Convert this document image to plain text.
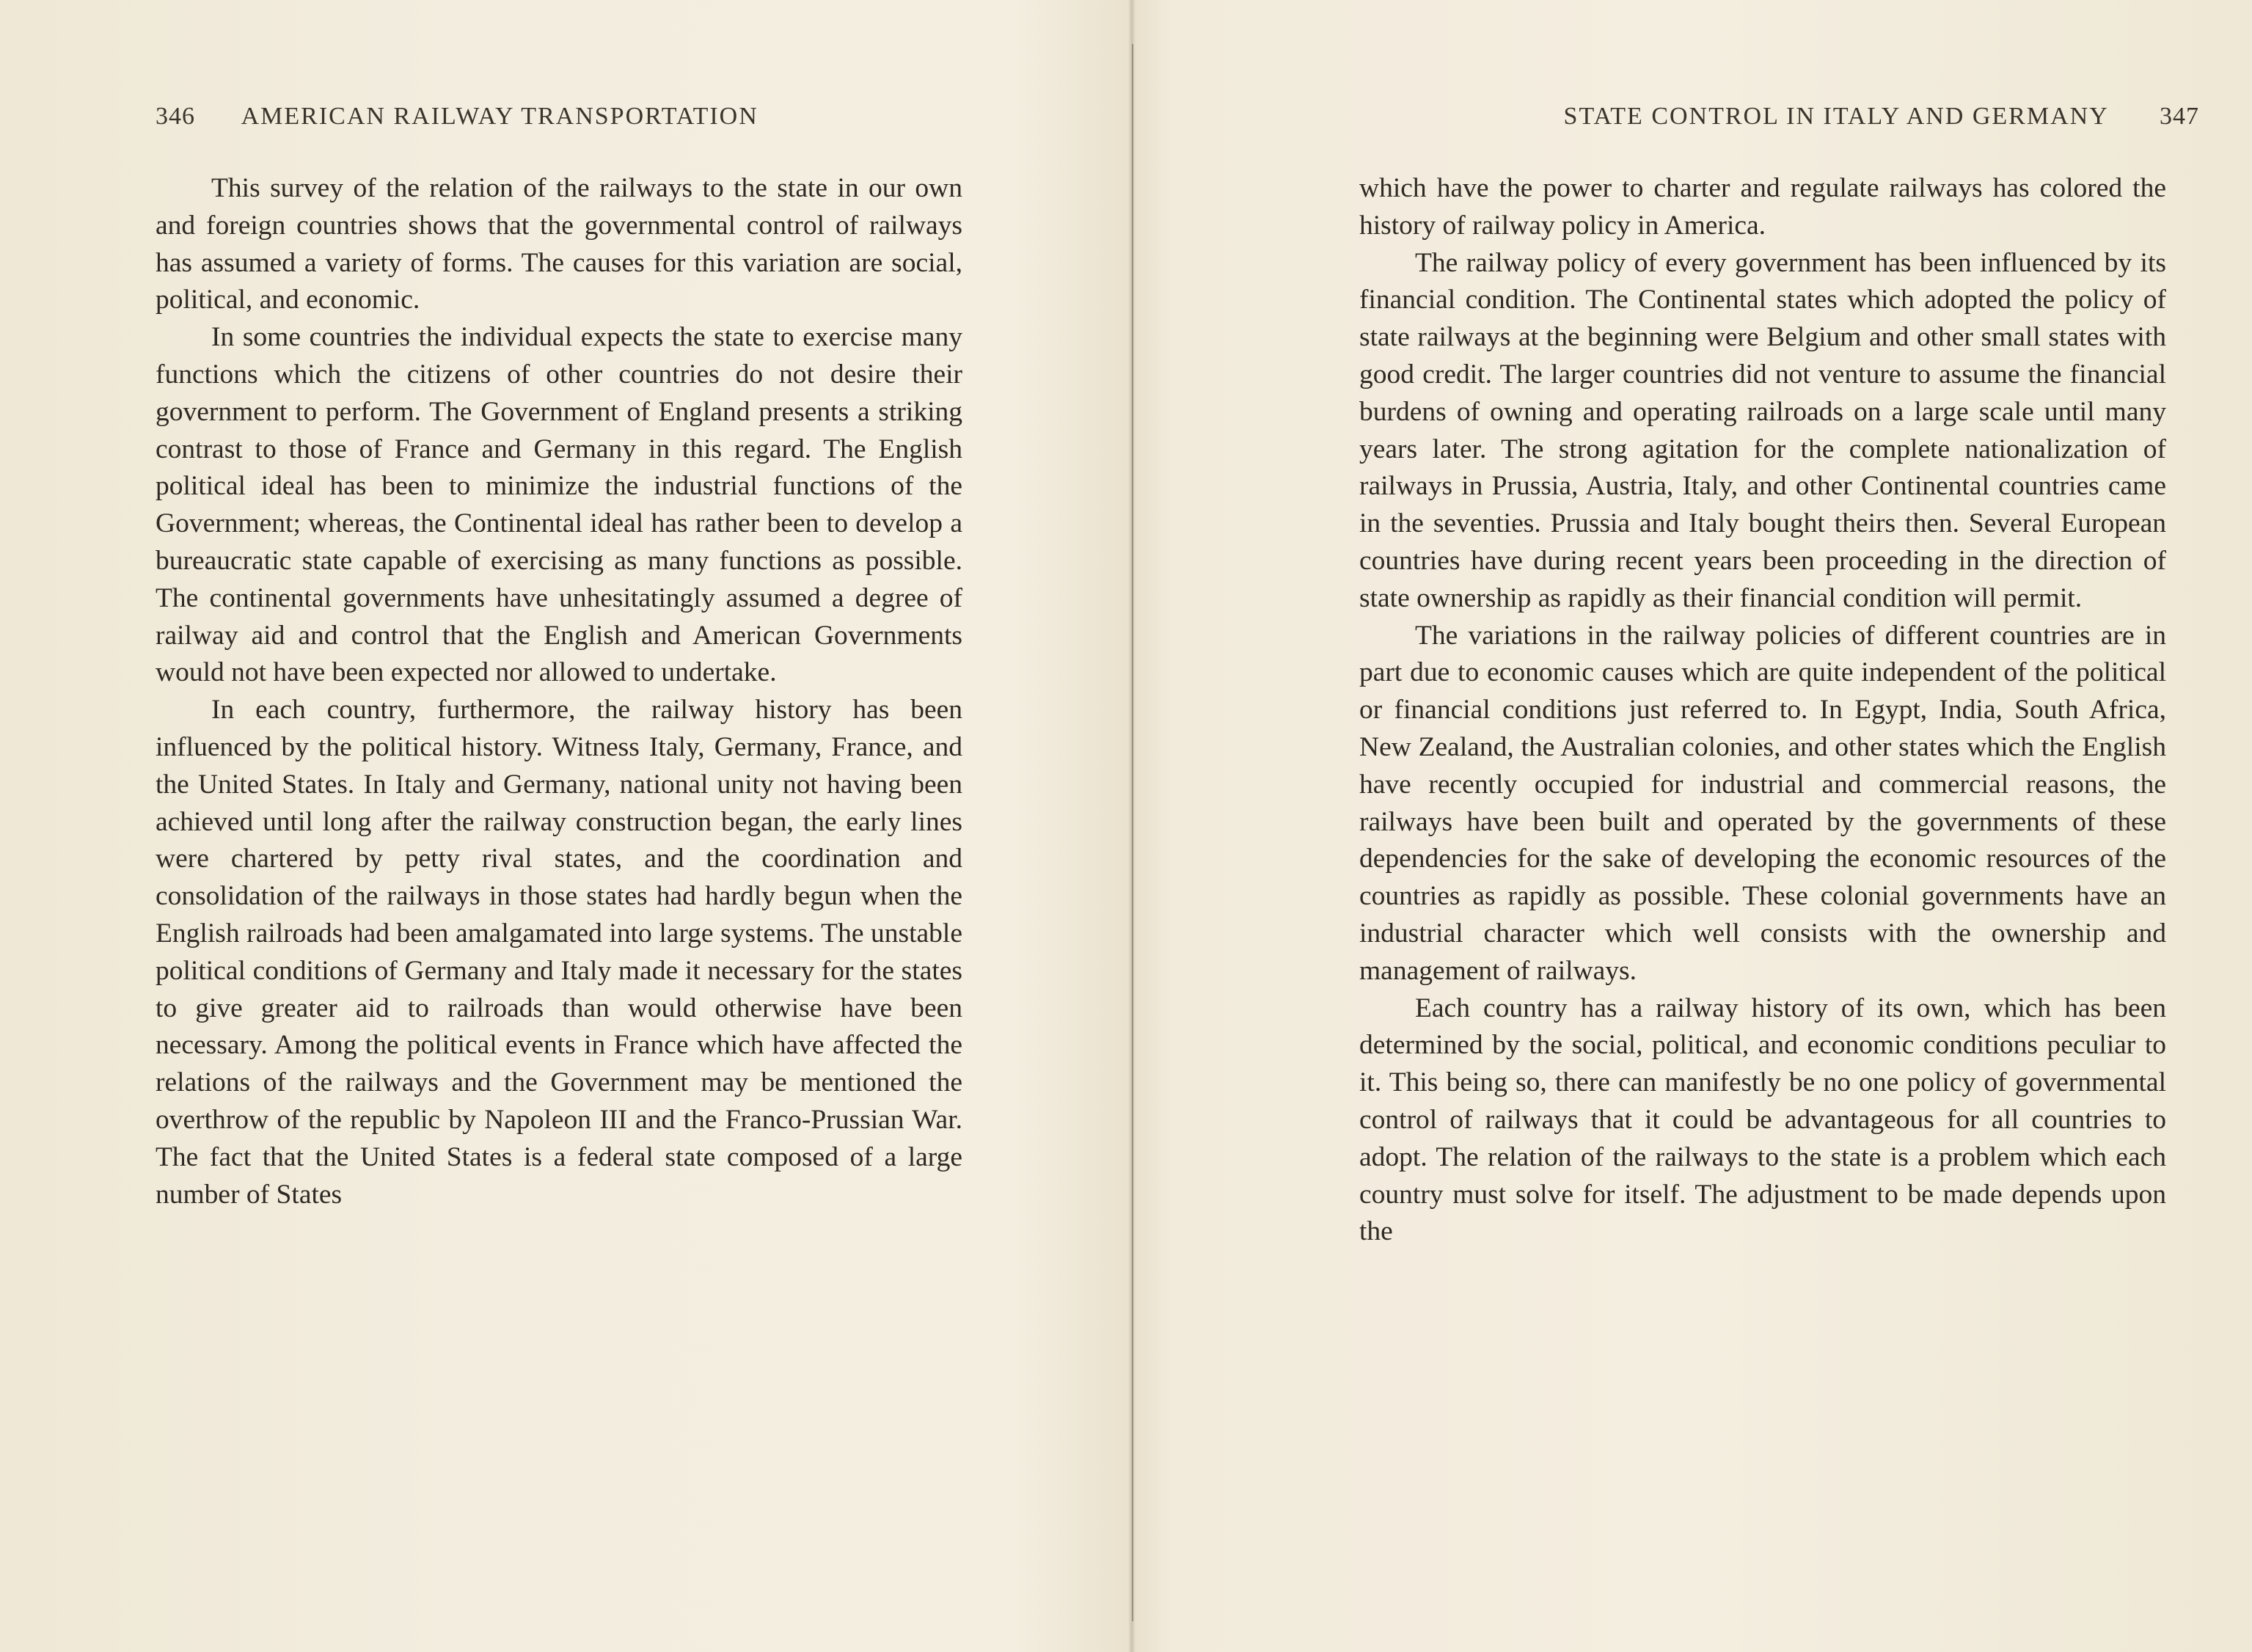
346 AMERICAN RAILWAY TRANSPORTATION

This survey of the relation of the railways to the state in our own and foreign countries shows that the governmental control of railways has assumed a variety of forms. The causes for this variation are social, political, and economic.

In some countries the individual expects the state to exercise many functions which the citizens of other countries do not desire their government to perform. The Government of England presents a striking contrast to those of France and Germany in this regard. The English political ideal has been to minimize the industrial functions of the Government; whereas, the Continental ideal has rather been to develop a bureaucratic state capable of exercising as many functions as possible. The continental governments have unhesitatingly assumed a degree of railway aid and control that the English and American Governments would not have been expected nor allowed to undertake.

In each country, furthermore, the railway history has been influenced by the political history. Witness Italy, Germany, France, and the United States. In Italy and Germany, national unity not having been achieved until long after the railway construction began, the early lines were chartered by petty rival states, and the coordination and consolidation of the railways in those states had hardly begun when the English railroads had been amalgamated into large systems. The unstable political conditions of Germany and Italy made it necessary for the states to give greater aid to railroads than would otherwise have been necessary. Among the political events in France which have affected the relations of the railways and the Government may be mentioned the overthrow of the republic by Napoleon III and the Franco-Prussian War. The fact that the United States is a federal state composed of a large number of States

STATE CONTROL IN ITALY AND GERMANY 347

which have the power to charter and regulate railways has colored the history of railway policy in America.

The railway policy of every government has been influenced by its financial condition. The Continental states which adopted the policy of state railways at the beginning were Belgium and other small states with good credit. The larger countries did not venture to assume the financial burdens of owning and operating railroads on a large scale until many years later. The strong agitation for the complete nationalization of railways in Prussia, Austria, Italy, and other Continental countries came in the seventies. Prussia and Italy bought theirs then. Several European countries have during recent years been proceeding in the direction of state ownership as rapidly as their financial condition will permit.

The variations in the railway policies of different countries are in part due to economic causes which are quite independent of the political or financial conditions just referred to. In Egypt, India, South Africa, New Zealand, the Australian colonies, and other states which the English have recently occupied for industrial and commercial reasons, the railways have been built and operated by the governments of these dependencies for the sake of developing the economic resources of the countries as rapidly as possible. These colonial governments have an industrial character which well consists with the ownership and management of railways.

Each country has a railway history of its own, which has been determined by the social, political, and economic conditions peculiar to it. This being so, there can manifestly be no one policy of governmental control of railways that it could be advantageous for all countries to adopt. The relation of the railways to the state is a problem which each country must solve for itself. The adjustment to be made depends upon the
